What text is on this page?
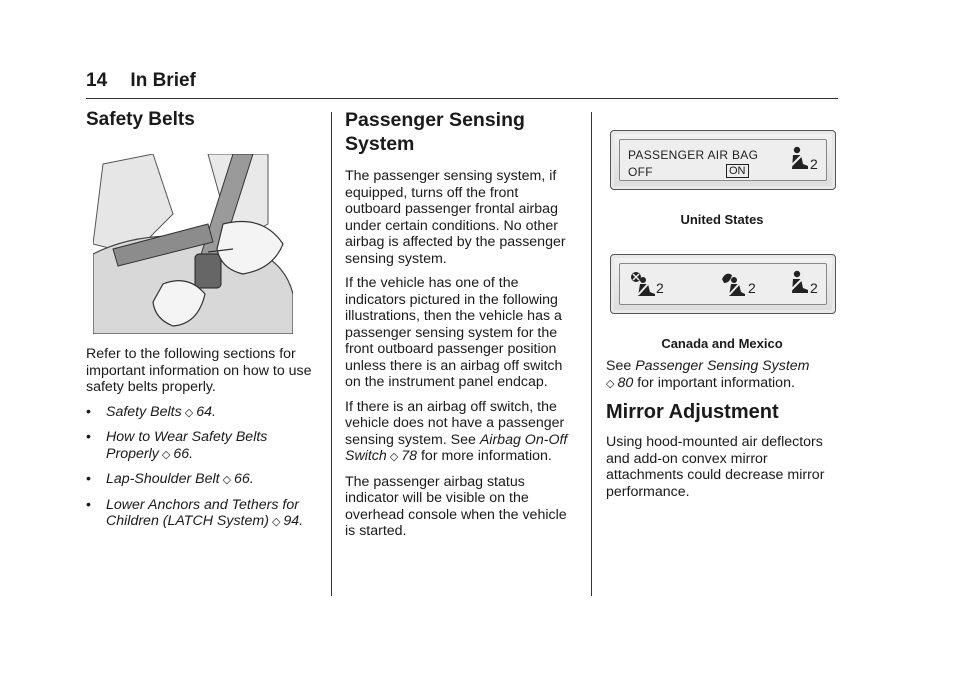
14 In Brief
Safety Belts

Refer to the following sections for important information on how to use safety belts properly.

• Safety Belts ◇ 64.
• How to Wear Safety Belts Properly ◇ 66.
• Lap-Shoulder Belt ◇ 66.
• Lower Anchors and Tethers for Children (LATCH System) ◇ 94.
Passenger Sensing System

The passenger sensing system, if equipped, turns off the front outboard passenger frontal airbag under certain conditions. No other airbag is affected by the passenger sensing system.

If the vehicle has one of the indicators pictured in the following illustrations, then the vehicle has a passenger sensing system for the front outboard passenger position unless there is an airbag off switch on the instrument panel endcap.

If there is an airbag off switch, the vehicle does not have a passenger sensing system. See Airbag On-Off Switch ◇ 78 for more information.

The passenger airbag status indicator will be visible on the overhead console when the vehicle is started.

PASSENGER AIR BAG
OFF	ON	2
United States
2	2	2
Canada and Mexico

See Passenger Sensing System
◇ 80 for important information.

Mirror Adjustment

Using hood-mounted air deflectors and add-on convex mirror attachments could decrease mirror performance.
